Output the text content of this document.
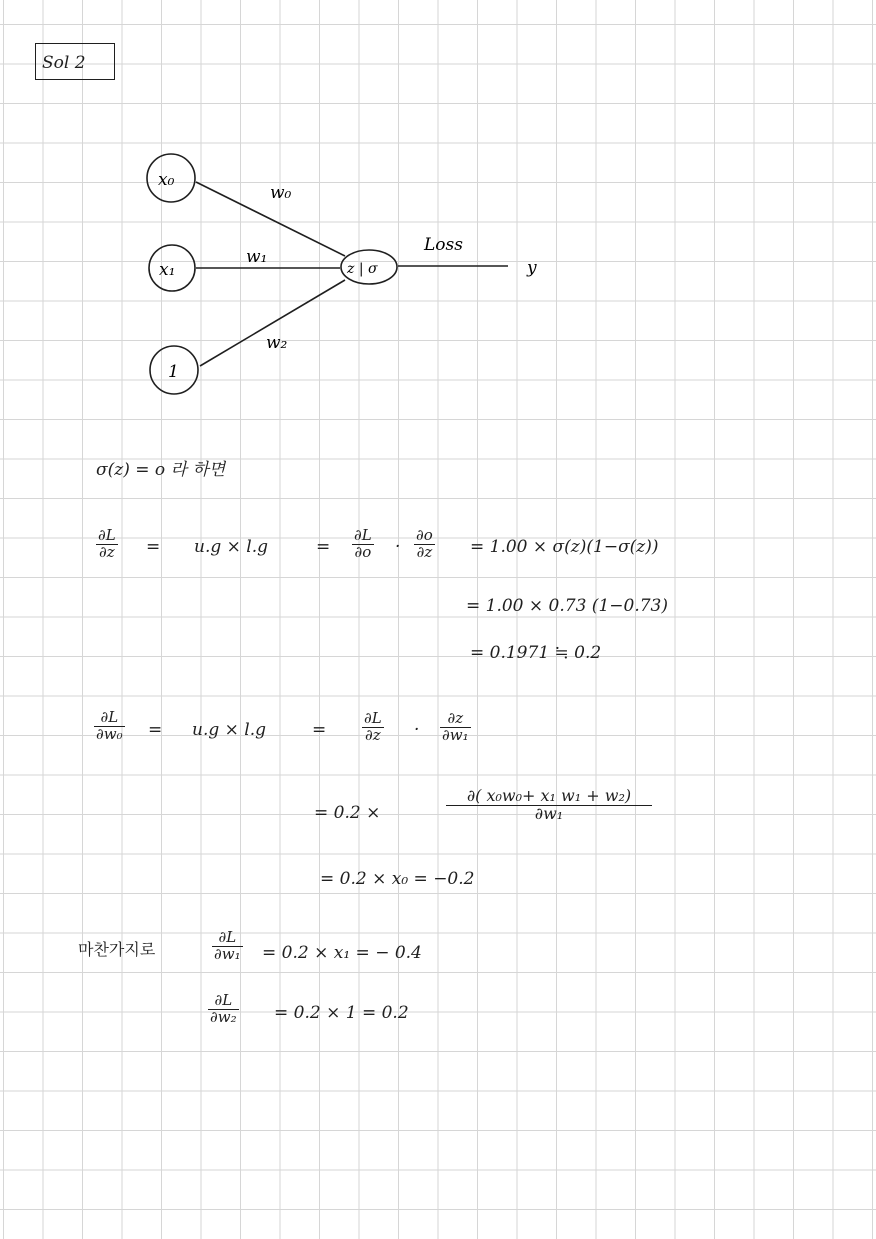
Sol 2
x₀
x₁
1
z | σ
w₀
w₁
w₂
Loss
y
σ(z) = o 라 하면
$\frac{\partial L}{\partial z} = u.g \times l.g$	= $\frac{\partial L}{\partial o} \cdot \frac{\partial o}{\partial z} = 1.00 \times \sigma(z)(1-\sigma(z))$
= 1.00 × 0.73 (1−0.73)
= 0.1971 ≒ 0.2
$\frac{\partial L}{\text{∂w₀}} = u.g \times l.g$	= $\frac{\partial L}{\partial z} \cdot \frac{\partial z}{\text{∂w₁}}$
= 0.2 ×	$\frac{\text{∂( x₀w₀+ x₁ w₁ + w₂)}}{\text{∂w₁}}$
= 0.2 × x₀ = −0.2
마찬가지로	$\frac{\partial L}{\text{∂w₁}} = 0.2 \times x_1$ = − 0.4
$\frac{\partial L}{\text{∂w₂}} = 0.2 \times 1 = 0.2$
